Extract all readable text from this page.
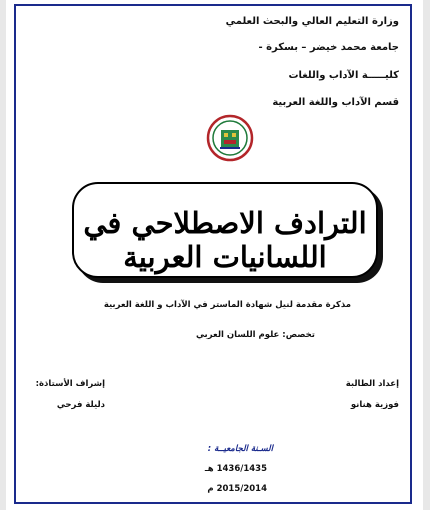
وزارة التعليم العالي والبحث العلمي
جامعة محمد خيضر – بسكرة -
كليـــــة الآداب واللغات
قسم الآداب واللغة العربية
الترادف الاصطلاحي في اللسانيات العربية
مذكرة مقدمة لنيل شهادة الماستر في الآداب و اللغة العربية
تخصص: علوم اللسان العربي
إعداد الطالبة
فوزية هنانو
إشراف الأستاذة:
دليلة فرحي
السـنة الجامعيــة :
1436/1435 هـ
2015/2014 م
